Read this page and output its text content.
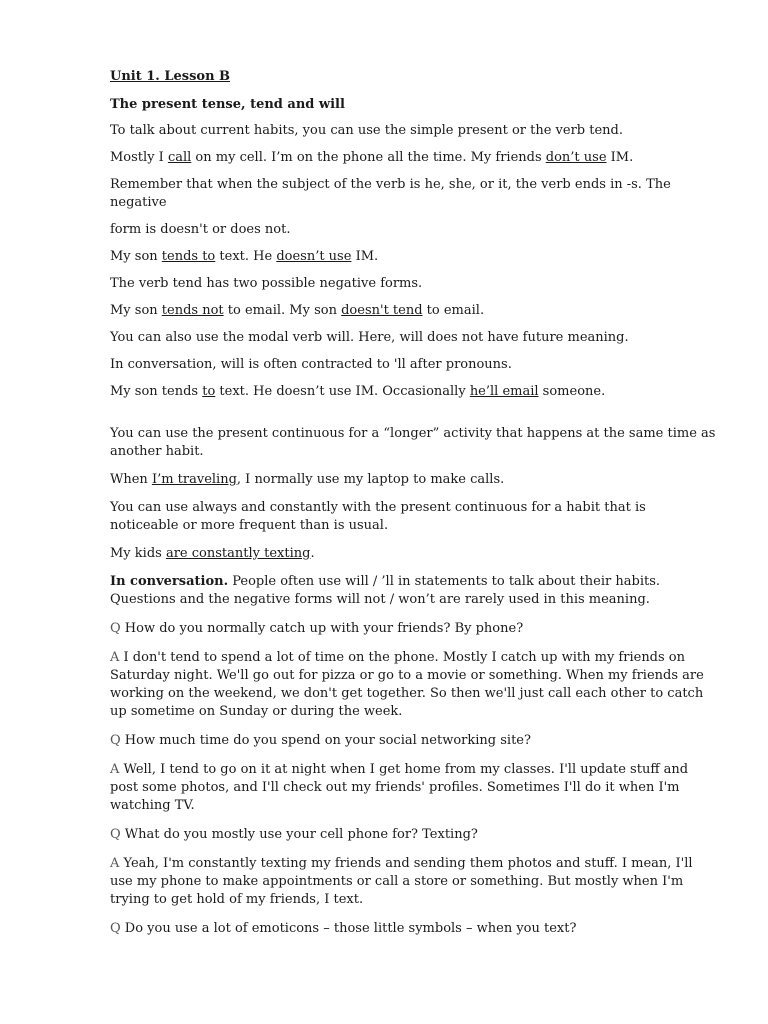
Unit 1. Lesson B

The present tense, tend and will

To talk about current habits, you can use the simple present or the verb tend.

Mostly I call on my cell. I’m on the phone all the time. My friends don’t use IM.

Remember that when the subject of the verb is he, she, or it, the verb ends in -s. The negative

form is doesn't or does not.

My son tends to text. He doesn’t use IM.

The verb tend has two possible negative forms.

My son tends not to email. My son doesn't tend to email.

You can also use the modal verb will. Here, will does not have future meaning.

In conversation, will is often contracted to 'll after pronouns.

My son tends to text. He doesn’t use IM. Occasionally he’ll email someone.

You can use the present continuous for a “longer” activity that happens at the same time as another habit.

When I’m traveling, I normally use my laptop to make calls.

You can use always and constantly with the present continuous for a habit that is noticeable or more frequent than is usual.

My kids are constantly texting.

In conversation. People often use will / ’ll in statements to talk about their habits. Questions and the negative forms will not / won’t are rarely used in this meaning.

Q How do you normally catch up with your friends? By phone?

A I don't tend to spend a lot of time on the phone. Mostly I catch up with my friends on Saturday night. We'll go out for pizza or go to a movie or something. When my friends are working on the weekend, we don't get together. So then we'll just call each other to catch up sometime on Sunday or during the week.

Q How much time do you spend on your social networking site?

A Well, I tend to go on it at night when I get home from my classes. I'll update stuff and post some photos, and I'll check out my friends' profiles. Sometimes I'll do it when I'm watching TV.

Q What do you mostly use your cell phone for? Texting?

A Yeah, I'm constantly texting my friends and sending them photos and stuff. I mean, I'll use my phone to make appointments or call a store or something. But mostly when I'm trying to get hold of my friends, I text.

Q Do you use a lot of emoticons – those little symbols – when you text?
